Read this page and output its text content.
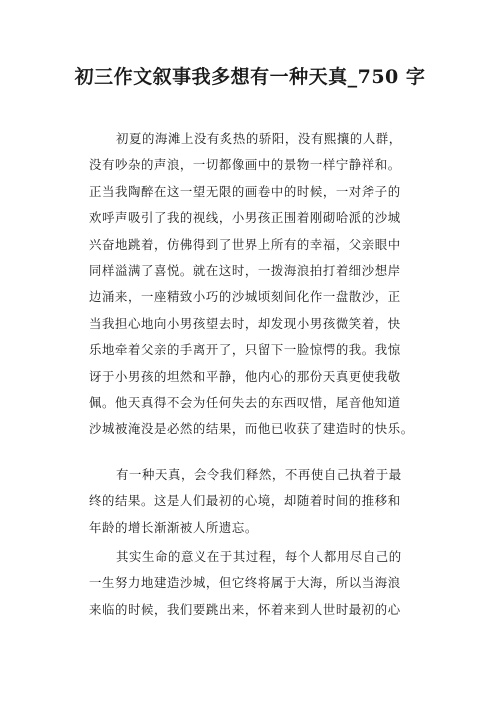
初三作文叙事我多想有一种天真_750 字
初夏的海滩上没有炙热的骄阳，没有熙攘的人群，
没有吵杂的声浪，一切都像画中的景物一样宁静祥和。
正当我陶醉在这一望无限的画卷中的时候，一对斧子的
欢呼声吸引了我的视线，小男孩正围着刚砌哈派的沙城
兴奋地跳着，仿佛得到了世界上所有的幸福，父亲眼中
同样溢满了喜悦。就在这时，一拨海浪拍打着细沙想岸
边涌来，一座精致小巧的沙城顷刻间化作一盘散沙，正
当我担心地向小男孩望去时，却发现小男孩微笑着，快
乐地牵着父亲的手离开了，只留下一脸惊愕的我。我惊
讶于小男孩的坦然和平静，他内心的那份天真更使我敬
佩。他天真得不会为任何失去的东西叹惜，尾音他知道
沙城被淹没是必然的结果，而他已收获了建造时的快乐。
有一种天真，会令我们释然，不再使自己执着于最
终的结果。这是人们最初的心境，却随着时间的推移和
年龄的增长渐渐被人所遗忘。
其实生命的意义在于其过程，每个人都用尽自己的
一生努力地建造沙城，但它终将属于大海，所以当海浪
来临的时候，我们要跳出来，怀着来到人世时最初的心
